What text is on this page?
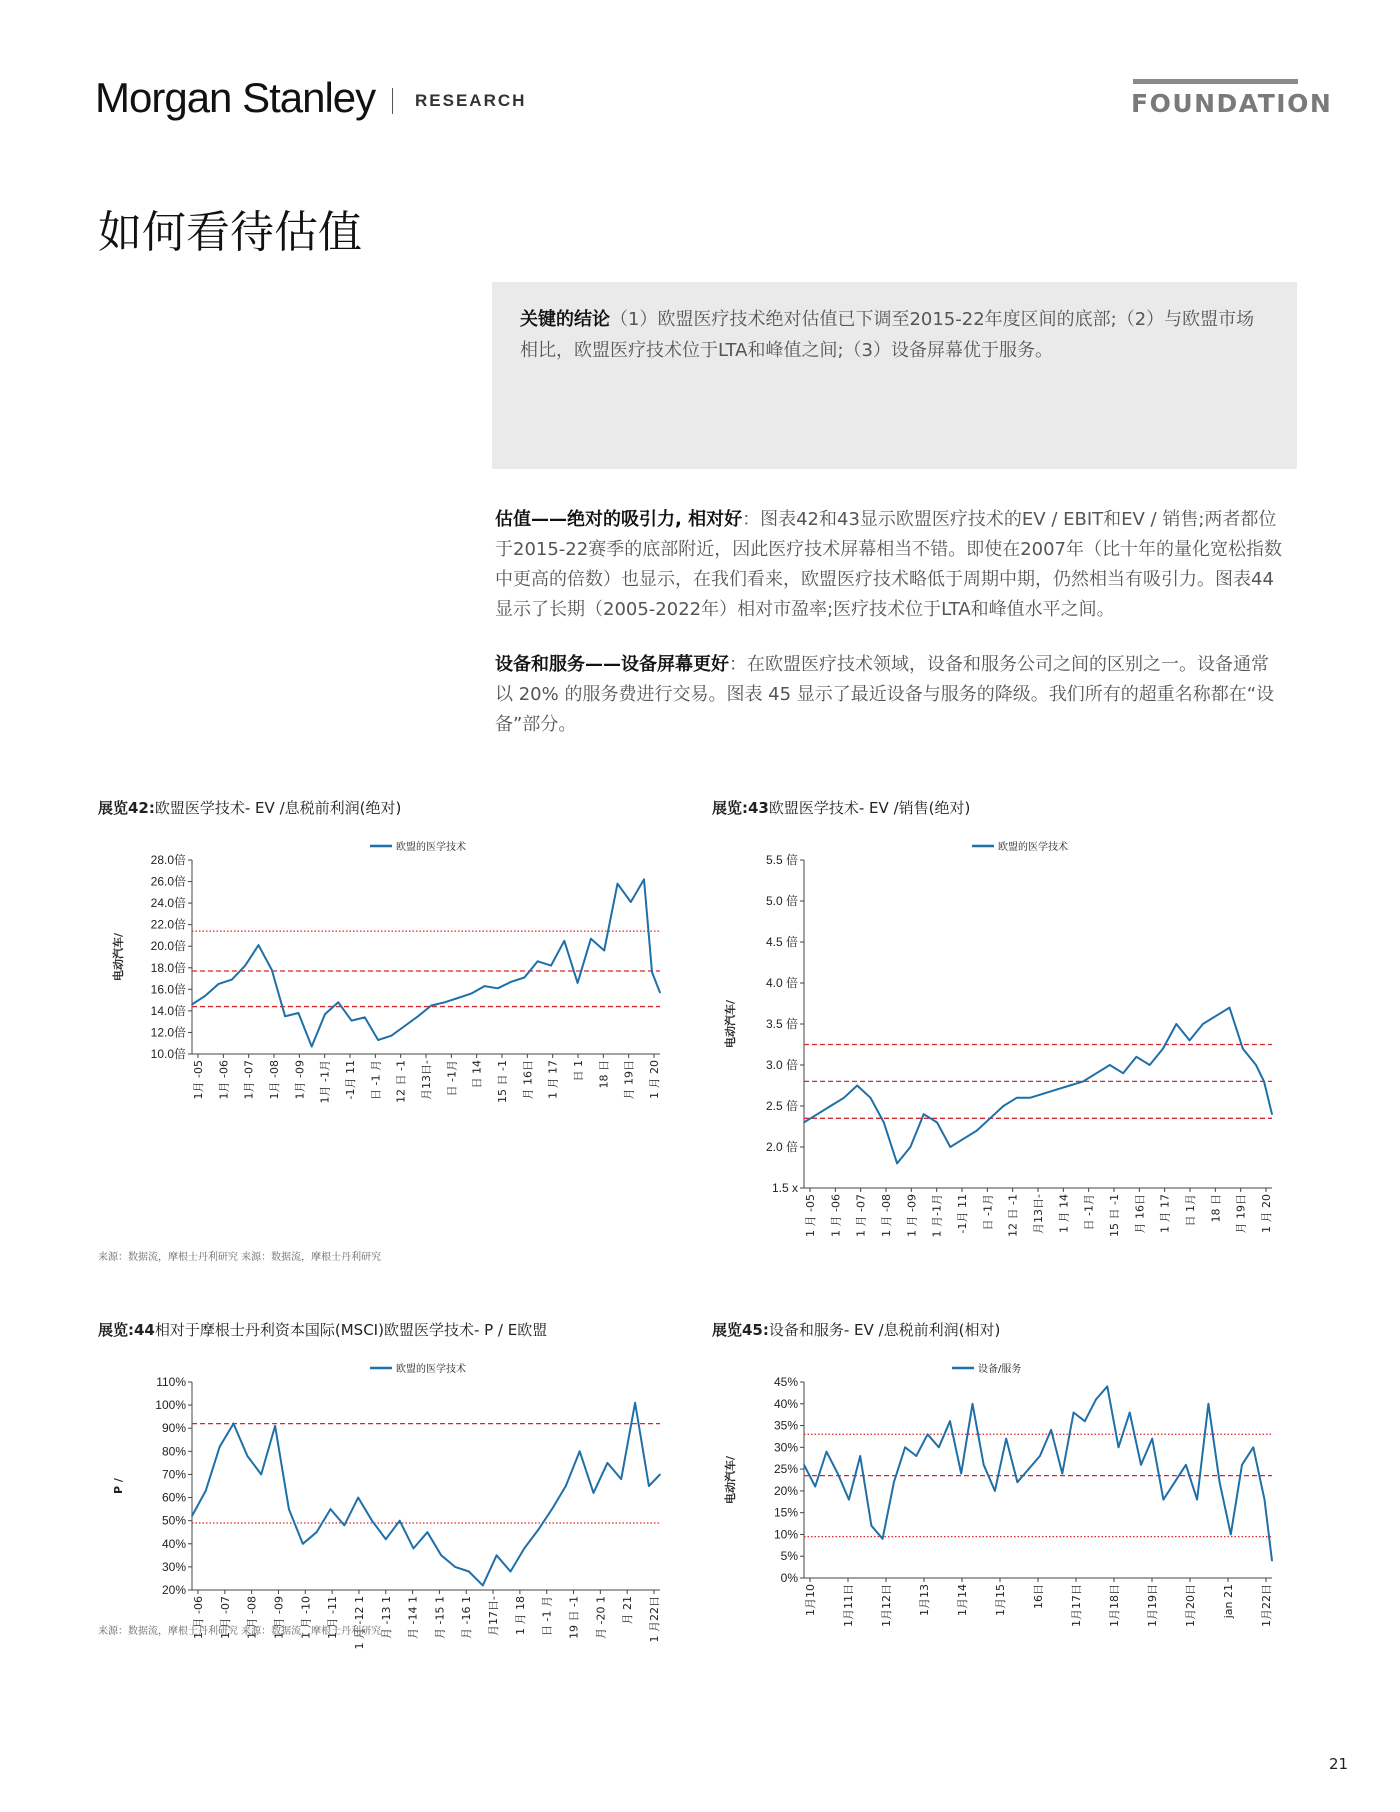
Morgan Stanley RESEARCH	FOUNDATION
如何看待估值

关键的结论（1）欧盟医疗技术绝对估值已下调至2015-22年度区间的底部;（2）与欧盟市场相比，欧盟医疗技术位于LTA和峰值之间;（3）设备屏幕优于服务。

估值——绝对的吸引力, 相对好：图表42和43显示欧盟医疗技术的EV / EBIT和EV / 销售;两者都位于2015-22赛季的底部附近，因此医疗技术屏幕相当不错。即使在2007年（比十年的量化宽松指数中更高的倍数）也显示，在我们看来，欧盟医疗技术略低于周期中期，仍然相当有吸引力。图表44显示了长期（2005-2022年）相对市盈率;医疗技术位于LTA和峰值水平之间。
设备和服务——设备屏幕更好：在欧盟医疗技术领域，设备和服务公司之间的区别之一。设备通常以 20% 的服务费进行交易。图表 45 显示了最近设备与服务的降级。我们所有的超重名称都在“设备”部分。
展览42:欧盟医学技术- EV /息税前利润(绝对)	展览:43欧盟医学技术- EV /销售(绝对)
展览:44相对于摩根士丹利资本国际(MSCI)欧盟医学技术- P / E欧盟	展览45:设备和服务- EV /息税前利润(相对)
28.0倍
26.0倍
24.0倍
22.0倍
20.0倍
18.0倍
16.0倍
14.0倍
12.0倍
10.0倍
电动汽车/
1月 -05 1月 -06 1月 -07 1月 -08 1月 -09 1月 -1月 -1月 11 日 -1 月 12 日 -1 月13日- 日 -1月 日 14 15 日 -1 月 16日 1 月 17 日 1 18 日 月 19日 1 月 20
欧盟的医学技术
5.5 倍
5.0 倍
4.5 倍
4.0 倍
3.5 倍
3.0 倍
2.5 倍
2.0 倍
1.5 x
电动汽车/
1 月 -05 1 月 -06 1 月 -07 1 月 -08 1 月 -09 1 月-1月 -1月 11 日 -1月 12 日 -1 月13日- 1 月 14 日 -1月 15 日 -1 月 16日 1 月 17 日 1月 18 日 月 19日 1 月 20
欧盟的医学技术
110%
100%
90%
80%
70%
60%
50%
40%
30%
20%
P /
1 月 -06 1 月 -07 1 月 -08 1 月 -09 1 月 -10 1 月 -11 1 月 -12 1 月 -13 1 月 -14 1 月 -15 1 月 -16 1 月17日- 1 月 18 日 -1 月 19 日 -1 月 -20 1 月 21 1 月22日
欧盟的医学技术
45%
40%
35%
30%
25%
20%
15%
10%
5%
0%
电动汽车/
1月10 1月11日 1月12日 1月13 1月14 1月15 16日 1月17日 1月18日 1月19日 1月20日 jan 21 1月22日
设备/服务
来源：数据流，摩根士丹利研究 来源：数据流，摩根士丹利研究
来源：数据流，摩根士丹利研究 来源：数据流，摩根士丹利研究
21
